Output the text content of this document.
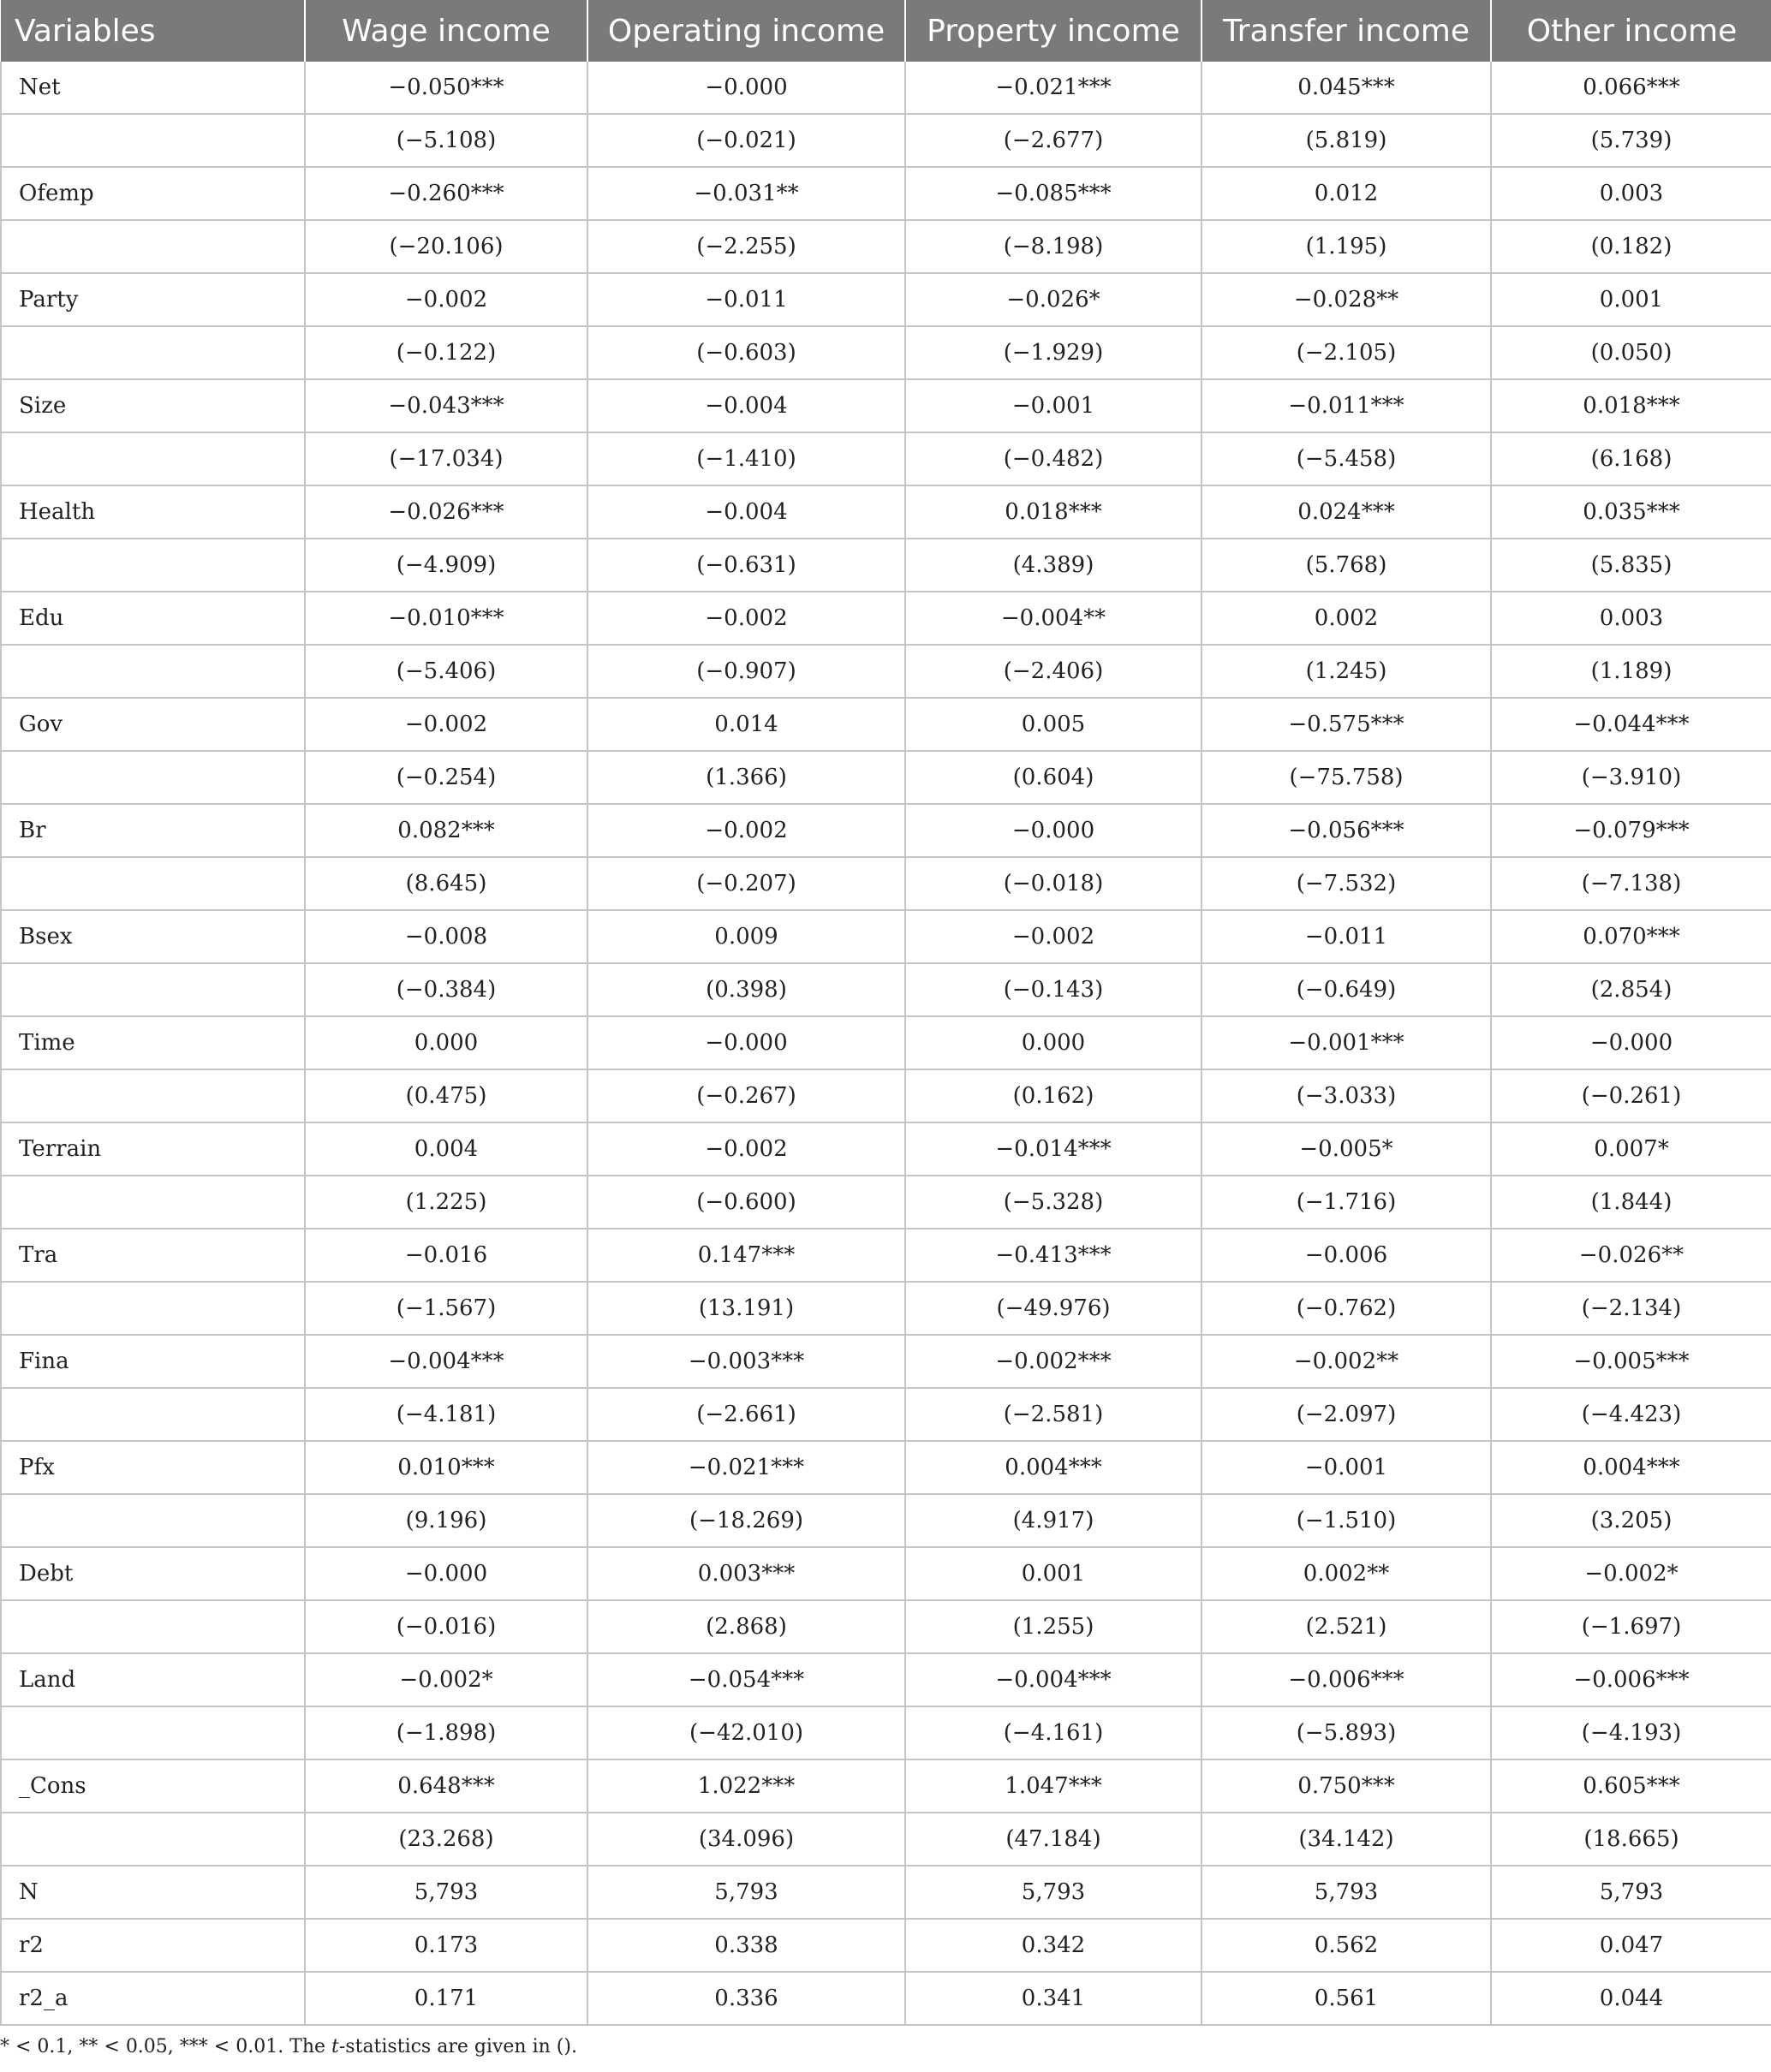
Variables	Wage income	Operating income	Property income	Transfer income	Other income
Net	−0.050***	−0.000	−0.021***	0.045***	0.066***
	(−5.108)	(−0.021)	(−2.677)	(5.819)	(5.739)
Ofemp	−0.260***	−0.031**	−0.085***	0.012	0.003
	(−20.106)	(−2.255)	(−8.198)	(1.195)	(0.182)
Party	−0.002	−0.011	−0.026*	−0.028**	0.001
	(−0.122)	(−0.603)	(−1.929)	(−2.105)	(0.050)
Size	−0.043***	−0.004	−0.001	−0.011***	0.018***
	(−17.034)	(−1.410)	(−0.482)	(−5.458)	(6.168)
Health	−0.026***	−0.004	0.018***	0.024***	0.035***
	(−4.909)	(−0.631)	(4.389)	(5.768)	(5.835)
Edu	−0.010***	−0.002	−0.004**	0.002	0.003
	(−5.406)	(−0.907)	(−2.406)	(1.245)	(1.189)
Gov	−0.002	0.014	0.005	−0.575***	−0.044***
	(−0.254)	(1.366)	(0.604)	(−75.758)	(−3.910)
Br	0.082***	−0.002	−0.000	−0.056***	−0.079***
	(8.645)	(−0.207)	(−0.018)	(−7.532)	(−7.138)
Bsex	−0.008	0.009	−0.002	−0.011	0.070***
	(−0.384)	(0.398)	(−0.143)	(−0.649)	(2.854)
Time	0.000	−0.000	0.000	−0.001***	−0.000
	(0.475)	(−0.267)	(0.162)	(−3.033)	(−0.261)
Terrain	0.004	−0.002	−0.014***	−0.005*	0.007*
	(1.225)	(−0.600)	(−5.328)	(−1.716)	(1.844)
Tra	−0.016	0.147***	−0.413***	−0.006	−0.026**
	(−1.567)	(13.191)	(−49.976)	(−0.762)	(−2.134)
Fina	−0.004***	−0.003***	−0.002***	−0.002**	−0.005***
	(−4.181)	(−2.661)	(−2.581)	(−2.097)	(−4.423)
Pfx	0.010***	−0.021***	0.004***	−0.001	0.004***
	(9.196)	(−18.269)	(4.917)	(−1.510)	(3.205)
Debt	−0.000	0.003***	0.001	0.002**	−0.002*
	(−0.016)	(2.868)	(1.255)	(2.521)	(−1.697)
Land	−0.002*	−0.054***	−0.004***	−0.006***	−0.006***
	(−1.898)	(−42.010)	(−4.161)	(−5.893)	(−4.193)
_Cons	0.648***	1.022***	1.047***	0.750***	0.605***
	(23.268)	(34.096)	(47.184)	(34.142)	(18.665)
N	5,793	5,793	5,793	5,793	5,793
r2	0.173	0.338	0.342	0.562	0.047
r2_a	0.171	0.336	0.341	0.561	0.044
* < 0.1, ** < 0.05, *** < 0.01. The t-statistics are given in ().
